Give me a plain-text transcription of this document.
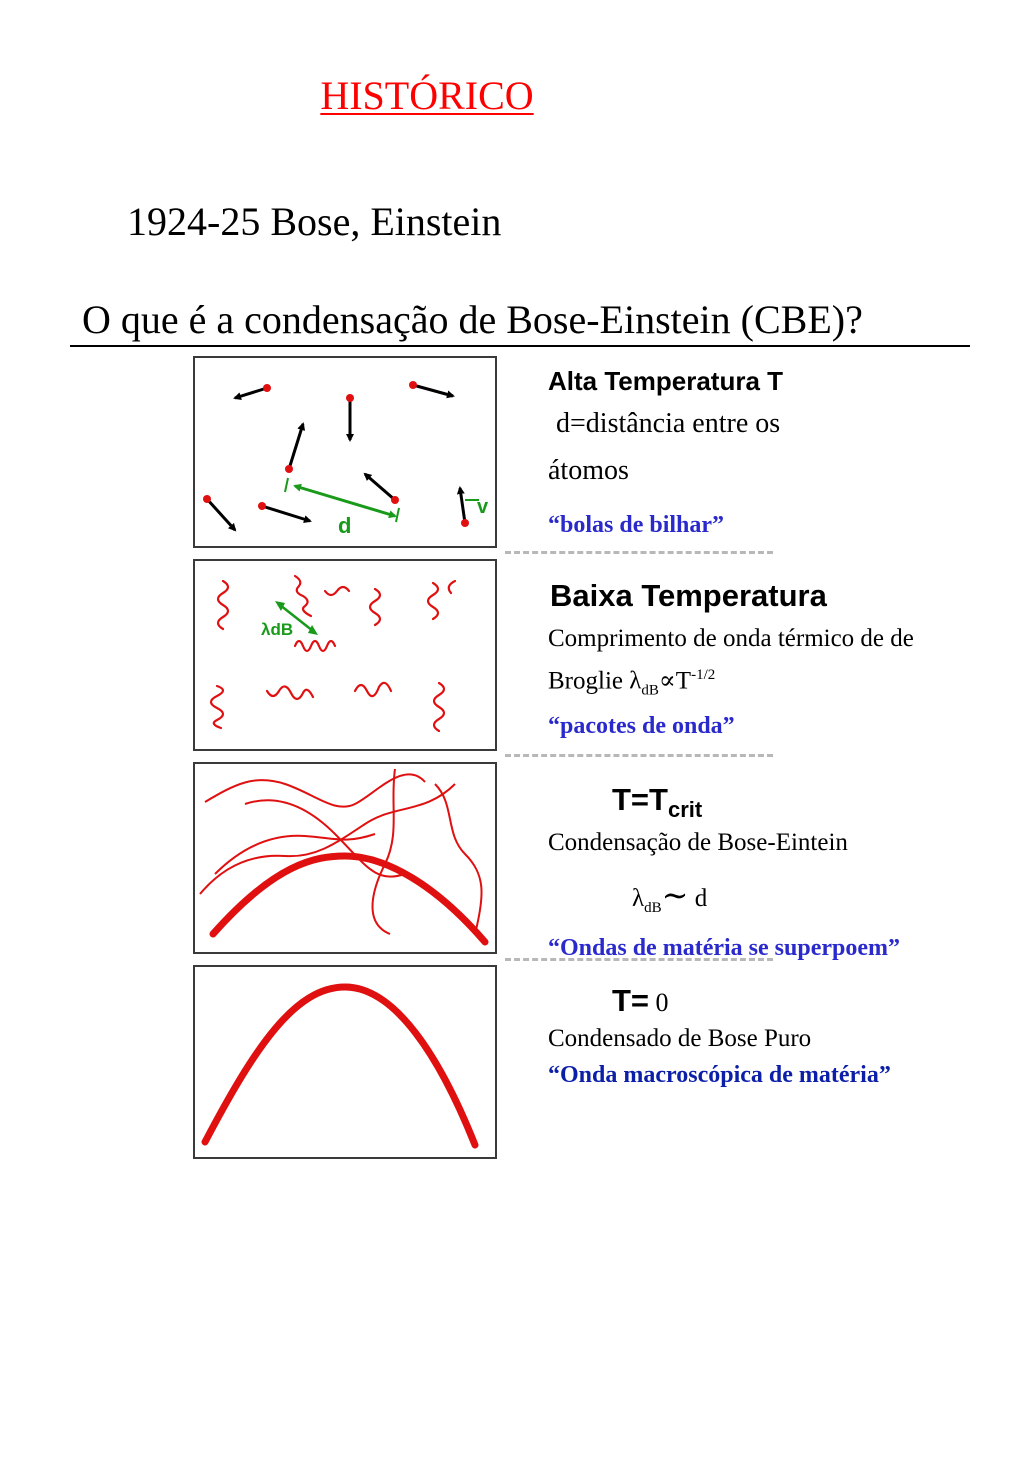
HISTÓRICO
1924-25 Bose, Einstein
O que é a condensação de Bose-Einstein (CBE)?
d
v
λdB
Alta Temperatura T
d=distância entre os
átomos
“bolas de bilhar”
Baixa Temperatura
Comprimento de onda térmico de de
Broglie $\lambda_{dB}\propto T^{-1/2}$
“pacotes de onda”
$T=T_{crit}$
Condensação de Bose-Eintein
$\lambda_{dB}\sim$ d
“Ondas de matéria se superpoem”
T= 0
Condensado de Bose Puro
“Onda macroscópica de matéria”
